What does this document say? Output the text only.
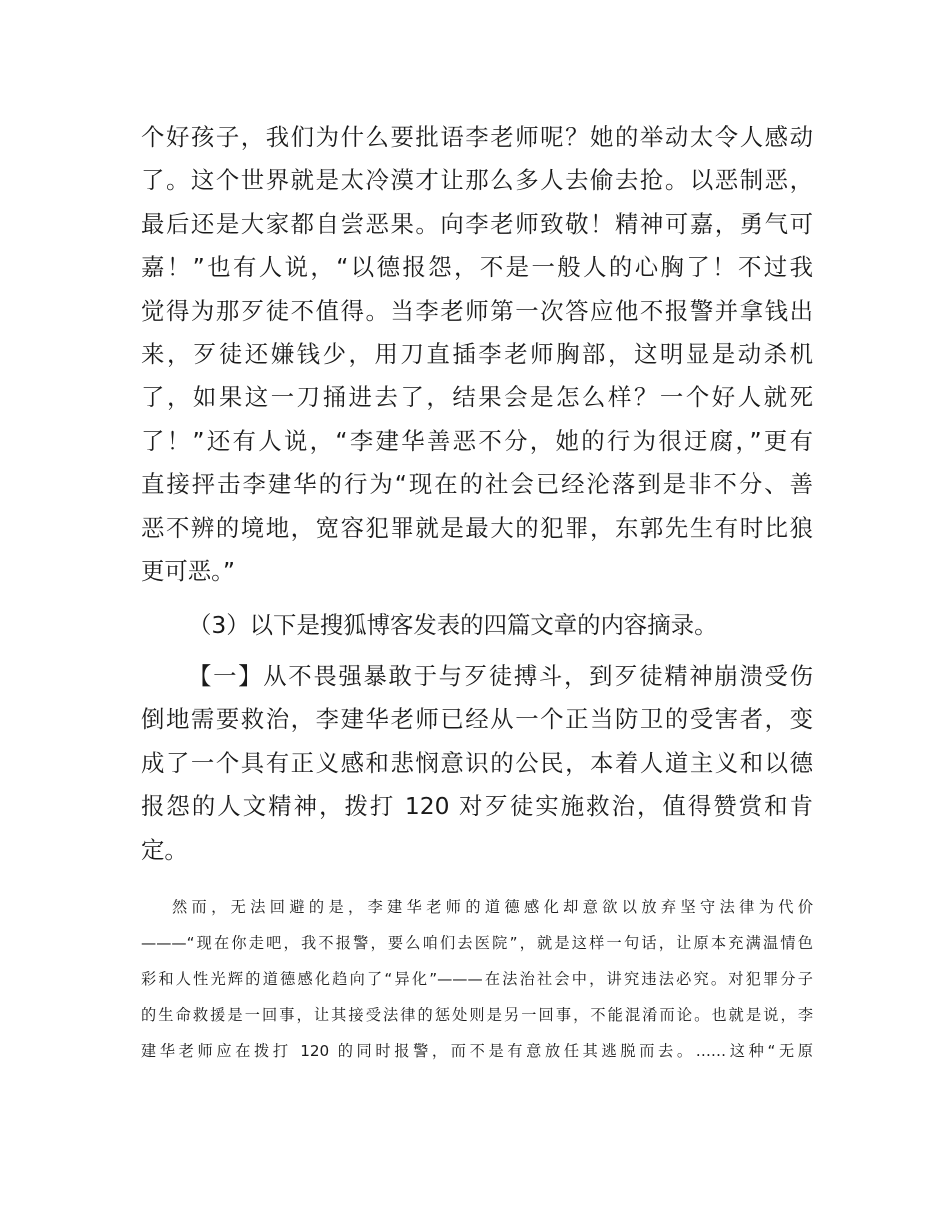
个好孩子，我们为什么要批语李老师呢？她的举动太令人感动
了。这个世界就是太冷漠才让那么多人去偷去抢。以恶制恶，
最后还是大家都自尝恶果。向李老师致敬！精神可嘉，勇气可
嘉！”也有人说，“以德报怨，不是一般人的心胸了！不过我
觉得为那歹徒不值得。当李老师第一次答应他不报警并拿钱出
来，歹徒还嫌钱少，用刀直插李老师胸部，这明显是动杀机
了，如果这一刀捅进去了，结果会是怎么样？一个好人就死
了！”还有人说，“李建华善恶不分，她的行为很迂腐，”更有
直接抨击李建华的行为“现在的社会已经沦落到是非不分、善
恶不辨的境地，宽容犯罪就是最大的犯罪，东郭先生有时比狼
更可恶。”
（3）以下是搜狐博客发表的四篇文章的内容摘录。
【一】从不畏强暴敢于与歹徒搏斗，到歹徒精神崩溃受伤
倒地需要救治，李建华老师已经从一个正当防卫的受害者，变
成了一个具有正义感和悲悯意识的公民，本着人道主义和以德
报怨的人文精神，拨打 120 对歹徒实施救治，值得赞赏和肯
定。
然而，无法回避的是，李建华老师的道德感化却意欲以放弃坚守法律为代价
———“现在你走吧，我不报警，要么咱们去医院”，就是这样一句话，让原本充满温情色
彩和人性光辉的道德感化趋向了“异化”———在法治社会中，讲究违法必究。对犯罪分子
的生命救援是一回事，让其接受法律的惩处则是另一回事，不能混淆而论。也就是说，李
建华老师应在拨打 120 的同时报警，而不是有意放任其逃脱而去。……这种“无原
